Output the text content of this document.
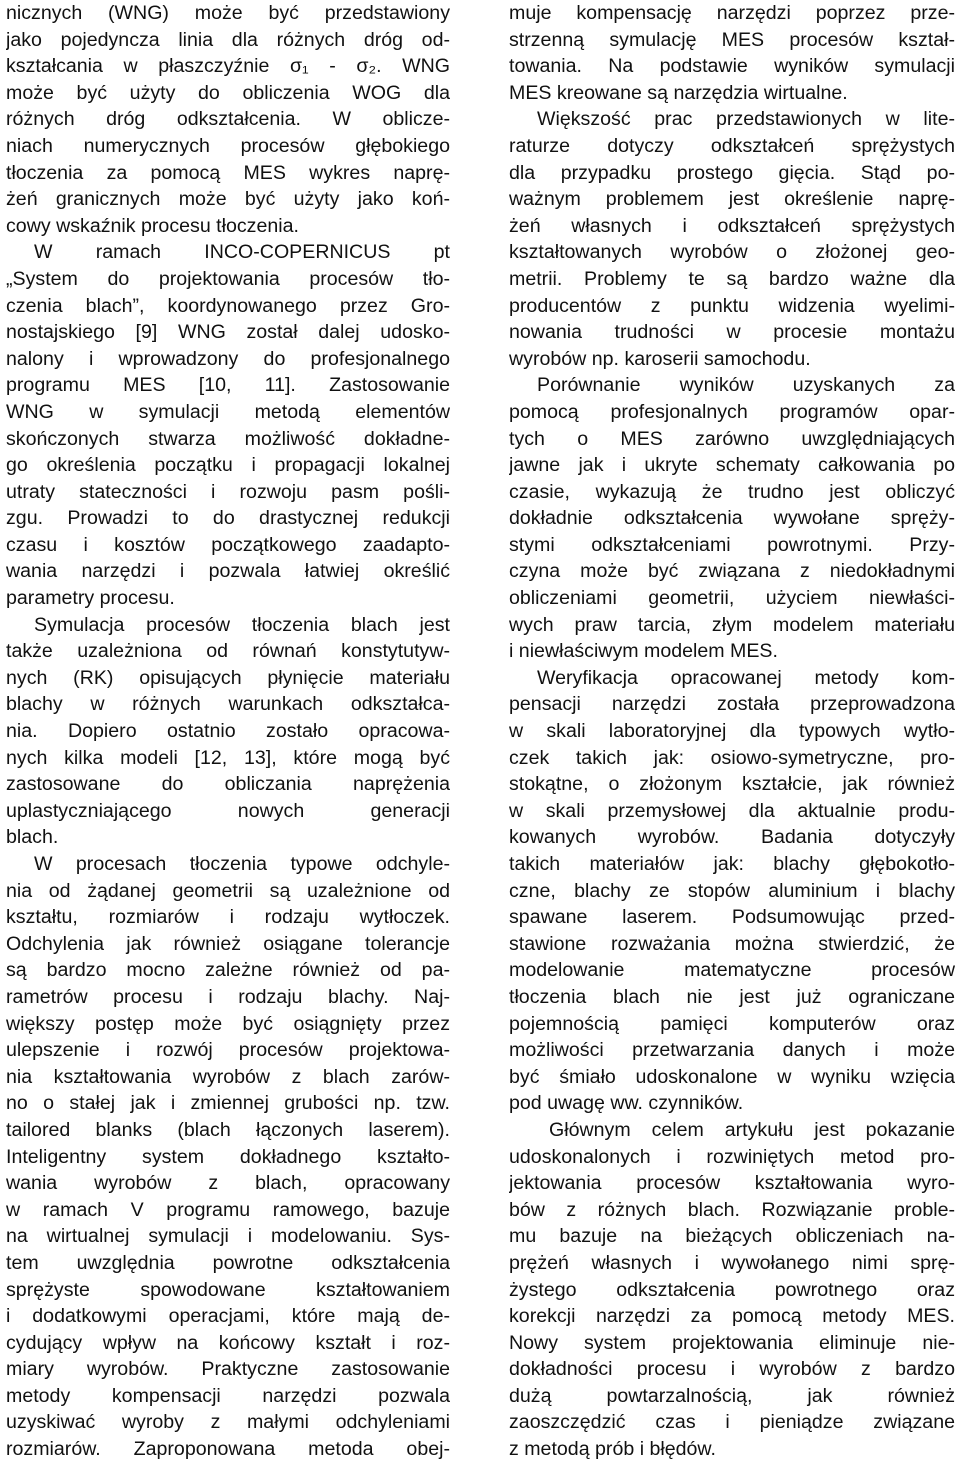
nicznych (WNG) może być przedstawiony
jako pojedyncza linia dla różnych dróg od-
kształcania w płaszczyźnie σ₁ - σ₂. WNG
może być użyty do obliczenia WOG dla
różnych dróg odkształcenia. W oblicze-
niach numerycznych procesów głębokiego
tłoczenia za pomocą MES wykres naprę-
żeń granicznych może być użyty jako koń-
cowy wskaźnik procesu tłoczenia.
W ramach INCO-COPERNICUS pt
„System do projektowania procesów tło-
czenia blach”, koordynowanego przez Gro-
nostajskiego [9] WNG został dalej udosko-
nalony i wprowadzony do profesjonalnego
programu MES [10, 11]. Zastosowanie
WNG w symulacji metodą elementów
skończonych stwarza możliwość dokładne-
go określenia początku i propagacji lokalnej
utraty stateczności i rozwoju pasm pośli-
zgu. Prowadzi to do drastycznej redukcji
czasu i kosztów początkowego zaadapto-
wania narzędzi i pozwala łatwiej określić
parametry procesu.
Symulacja procesów tłoczenia blach jest
także uzależniona od równań konstytutyw-
nych (RK) opisujących płynięcie materiału
blachy w różnych warunkach odkształca-
nia. Dopiero ostatnio zostało opracowa-
nych kilka modeli [12, 13], które mogą być
zastosowane do obliczania naprężenia
uplastyczniającego nowych generacji
blach.
W procesach tłoczenia typowe odchyle-
nia od żądanej geometrii są uzależnione od
kształtu, rozmiarów i rodzaju wytłoczek.
Odchylenia jak również osiągane tolerancje
są bardzo mocno zależne również od pa-
rametrów procesu i rodzaju blachy. Naj-
większy postęp może być osiągnięty przez
ulepszenie i rozwój procesów projektowa-
nia kształtowania wyrobów z blach zarów-
no o stałej jak i zmiennej grubości np. tzw.
tailored blanks (blach łączonych laserem).
Inteligentny system dokładnego kształto-
wania wyrobów z blach, opracowany
w ramach V programu ramowego, bazuje
na wirtualnej symulacji i modelowaniu. Sys-
tem uwzględnia powrotne odkształcenia
sprężyste spowodowane kształtowaniem
i dodatkowymi operacjami, które mają de-
cydujący wpływ na końcowy kształt i roz-
miary wyrobów. Praktyczne zastosowanie
metody kompensacji narzędzi pozwala
uzyskiwać wyroby z małymi odchyleniami
rozmiarów. Zaproponowana metoda obej-
muje kompensację narzędzi poprzez prze-
strzenną symulację MES procesów kształ-
towania. Na podstawie wyników symulacji
MES kreowane są narzędzia wirtualne.
Większość prac przedstawionych w lite-
raturze dotyczy odkształceń sprężystych
dla przypadku prostego gięcia. Stąd po-
ważnym problemem jest określenie naprę-
żeń własnych i odkształceń sprężystych
kształtowanych wyrobów o złożonej geo-
metrii. Problemy te są bardzo ważne dla
producentów z punktu widzenia wyelimi-
nowania trudności w procesie montażu
wyrobów np. karoserii samochodu.
Porównanie wyników uzyskanych za
pomocą profesjonalnych programów opar-
tych o MES zarówno uwzględniających
jawne jak i ukryte schematy całkowania po
czasie, wykazują że trudno jest obliczyć
dokładnie odkształcenia wywołane spręży-
stymi odkształceniami powrotnymi. Przy-
czyna może być związana z niedokładnymi
obliczeniami geometrii, użyciem niewłaści-
wych praw tarcia, złym modelem materiału
i niewłaściwym modelem MES.
Weryfikacja opracowanej metody kom-
pensacji narzędzi została przeprowadzona
w skali laboratoryjnej dla typowych wytło-
czek takich jak: osiowo-symetryczne, pro-
stokątne, o złożonym kształcie, jak również
w skali przemysłowej dla aktualnie produ-
kowanych wyrobów. Badania dotyczyły
takich materiałów jak: blachy głębokotło-
czne, blachy ze stopów aluminium i blachy
spawane laserem. Podsumowując przed-
stawione rozważania można stwierdzić, że
modelowanie matematyczne procesów
tłoczenia blach nie jest już ograniczane
pojemnością pamięci komputerów oraz
możliwości przetwarzania danych i może
być śmiało udoskonalone w wyniku wzięcia
pod uwagę ww. czynników.
Głównym celem artykułu jest pokazanie
udoskonalonych i rozwiniętych metod pro-
jektowania procesów kształtowania wyro-
bów z różnych blach. Rozwiązanie proble-
mu bazuje na bieżących obliczeniach na-
prężeń własnych i wywołanego nimi sprę-
żystego odkształcenia powrotnego oraz
korekcji narzędzi za pomocą metody MES.
Nowy system projektowania eliminuje nie-
dokładności procesu i wyrobów z bardzo
dużą powtarzalnością, jak również
zaoszczędzić czas i pieniądze związane
z metodą prób i błędów.
